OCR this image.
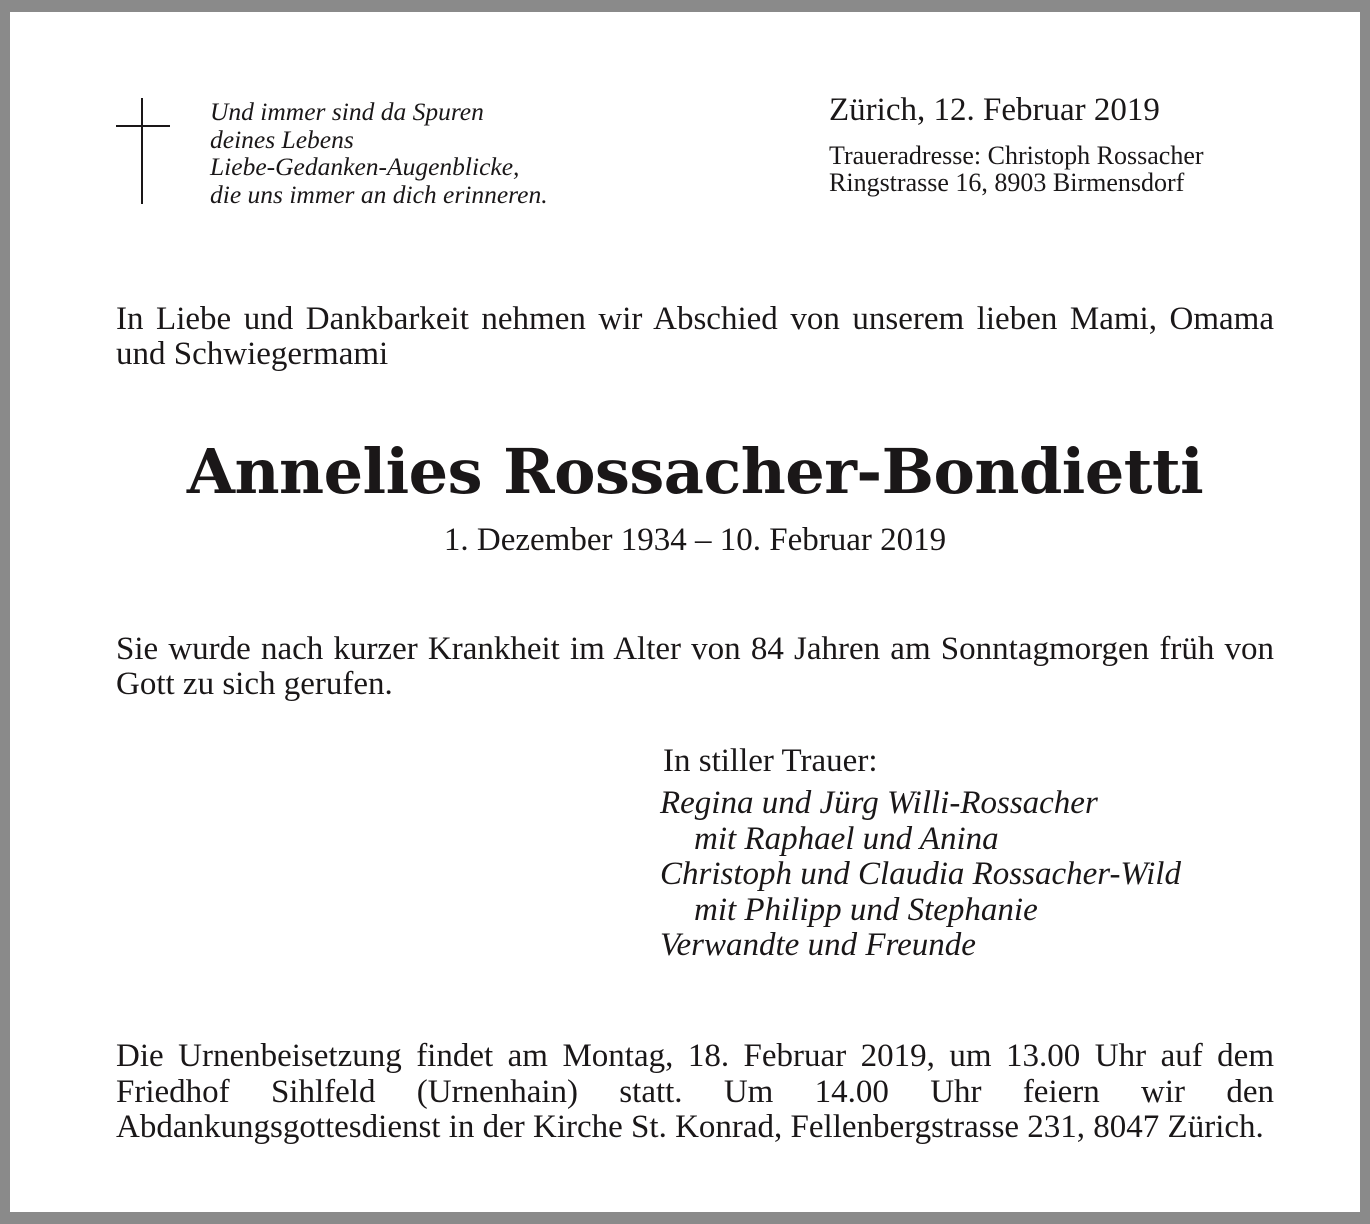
Und immer sind da Spuren
deines Lebens
Liebe-Gedanken-Augenblicke,
die uns immer an dich erinneren.
Zürich, 12. Februar 2019
Traueradresse: Christoph Rossacher
Ringstrasse 16, 8903 Birmensdorf

In Liebe und Dankbarkeit nehmen wir Abschied von unserem lieben Mami, Omama und Schwiegermami

Annelies Rossacher-Bondietti
1. Dezember 1934 – 10. Februar 2019

Sie wurde nach kurzer Krankheit im Alter von 84 Jahren am Sonntagmorgen früh von Gott zu sich gerufen.

In stiller Trauer:
Regina und Jürg Willi-Rossacher
mit Raphael und Anina
Christoph und Claudia Rossacher-Wild
mit Philipp und Stephanie
Verwandte und Freunde

Die Urnenbeisetzung findet am Montag, 18. Februar 2019, um 13.00 Uhr auf dem Friedhof Sihlfeld (Urnenhain) statt. Um 14.00 Uhr feiern wir den Abdankungsgottesdienst in der Kirche St. Konrad, Fellenbergstrasse 231, 8047 Zürich.
